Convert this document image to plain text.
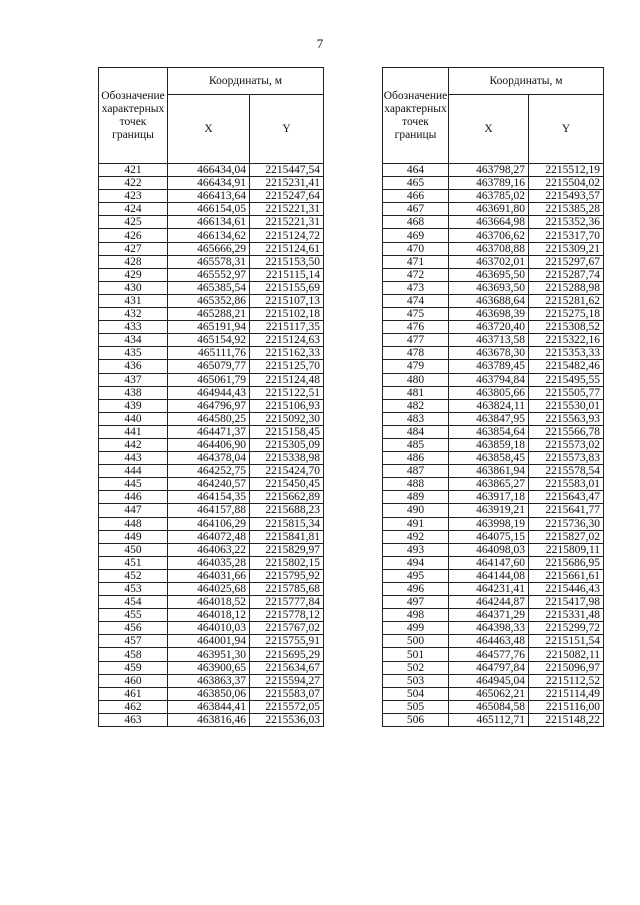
7
Обозначение характерных точек границы	Координаты, м	
	X	Y
421	466434,04	2215447,54
422	466434,91	2215231,41
423	466413,64	2215247,64
424	466154,05	2215221,31
425	466134,61	2215221,31
426	466134,62	2215124,72
427	465666,29	2215124,61
428	465578,31	2215153,50
429	465552,97	2215115,14
430	465385,54	2215155,69
431	465352,86	2215107,13
432	465288,21	2215102,18
433	465191,94	2215117,35
434	465154,92	2215124,63
435	465111,76	2215162,33
436	465079,77	2215125,70
437	465061,79	2215124,48
438	464944,43	2215122,51
439	464796,97	2215106,93
440	464580,25	2215092,30
441	464471,37	2215158,45
442	464406,90	2215305,09
443	464378,04	2215338,98
444	464252,75	2215424,70
445	464240,57	2215450,45
446	464154,35	2215662,89
447	464157,88	2215688,23
448	464106,29	2215815,34
449	464072,48	2215841,81
450	464063,22	2215829,97
451	464035,28	2215802,15
452	464031,66	2215795,92
453	464025,68	2215785,68
454	464018,52	2215777,84
455	464018,12	2215778,12
456	464010,03	2215767,02
457	464001,94	2215755,91
458	463951,30	2215695,29
459	463900,65	2215634,67
460	463863,37	2215594,27
461	463850,06	2215583,07
462	463844,41	2215572,05
463	463816,46	2215536,03
Обозначение характерных точек границы	Координаты, м	
	X	Y
464	463798,27	2215512,19
465	463789,16	2215504,02
466	463785,02	2215493,57
467	463691,80	2215385,28
468	463664,98	2215352,36
469	463706,62	2215317,70
470	463708,88	2215309,21
471	463702,01	2215297,67
472	463695,50	2215287,74
473	463693,50	2215288,98
474	463688,64	2215281,62
475	463698,39	2215275,18
476	463720,40	2215308,52
477	463713,58	2215322,16
478	463678,30	2215353,33
479	463789,45	2215482,46
480	463794,84	2215495,55
481	463805,66	2215505,77
482	463824,11	2215530,01
483	463847,95	2215563,93
484	463854,64	2215566,78
485	463859,18	2215573,02
486	463858,45	2215573,83
487	463861,94	2215578,54
488	463865,27	2215583,01
489	463917,18	2215643,47
490	463919,21	2215641,77
491	463998,19	2215736,30
492	464075,15	2215827,02
493	464098,03	2215809,11
494	464147,60	2215686,95
495	464144,08	2215661,61
496	464231,41	2215446,43
497	464244,87	2215417,98
498	464371,29	2215331,48
499	464398,33	2215299,72
500	464463,48	2215151,54
501	464577,76	2215082,11
502	464797,84	2215096,97
503	464945,04	2215112,52
504	465062,21	2215114,49
505	465084,58	2215116,00
506	465112,71	2215148,22
